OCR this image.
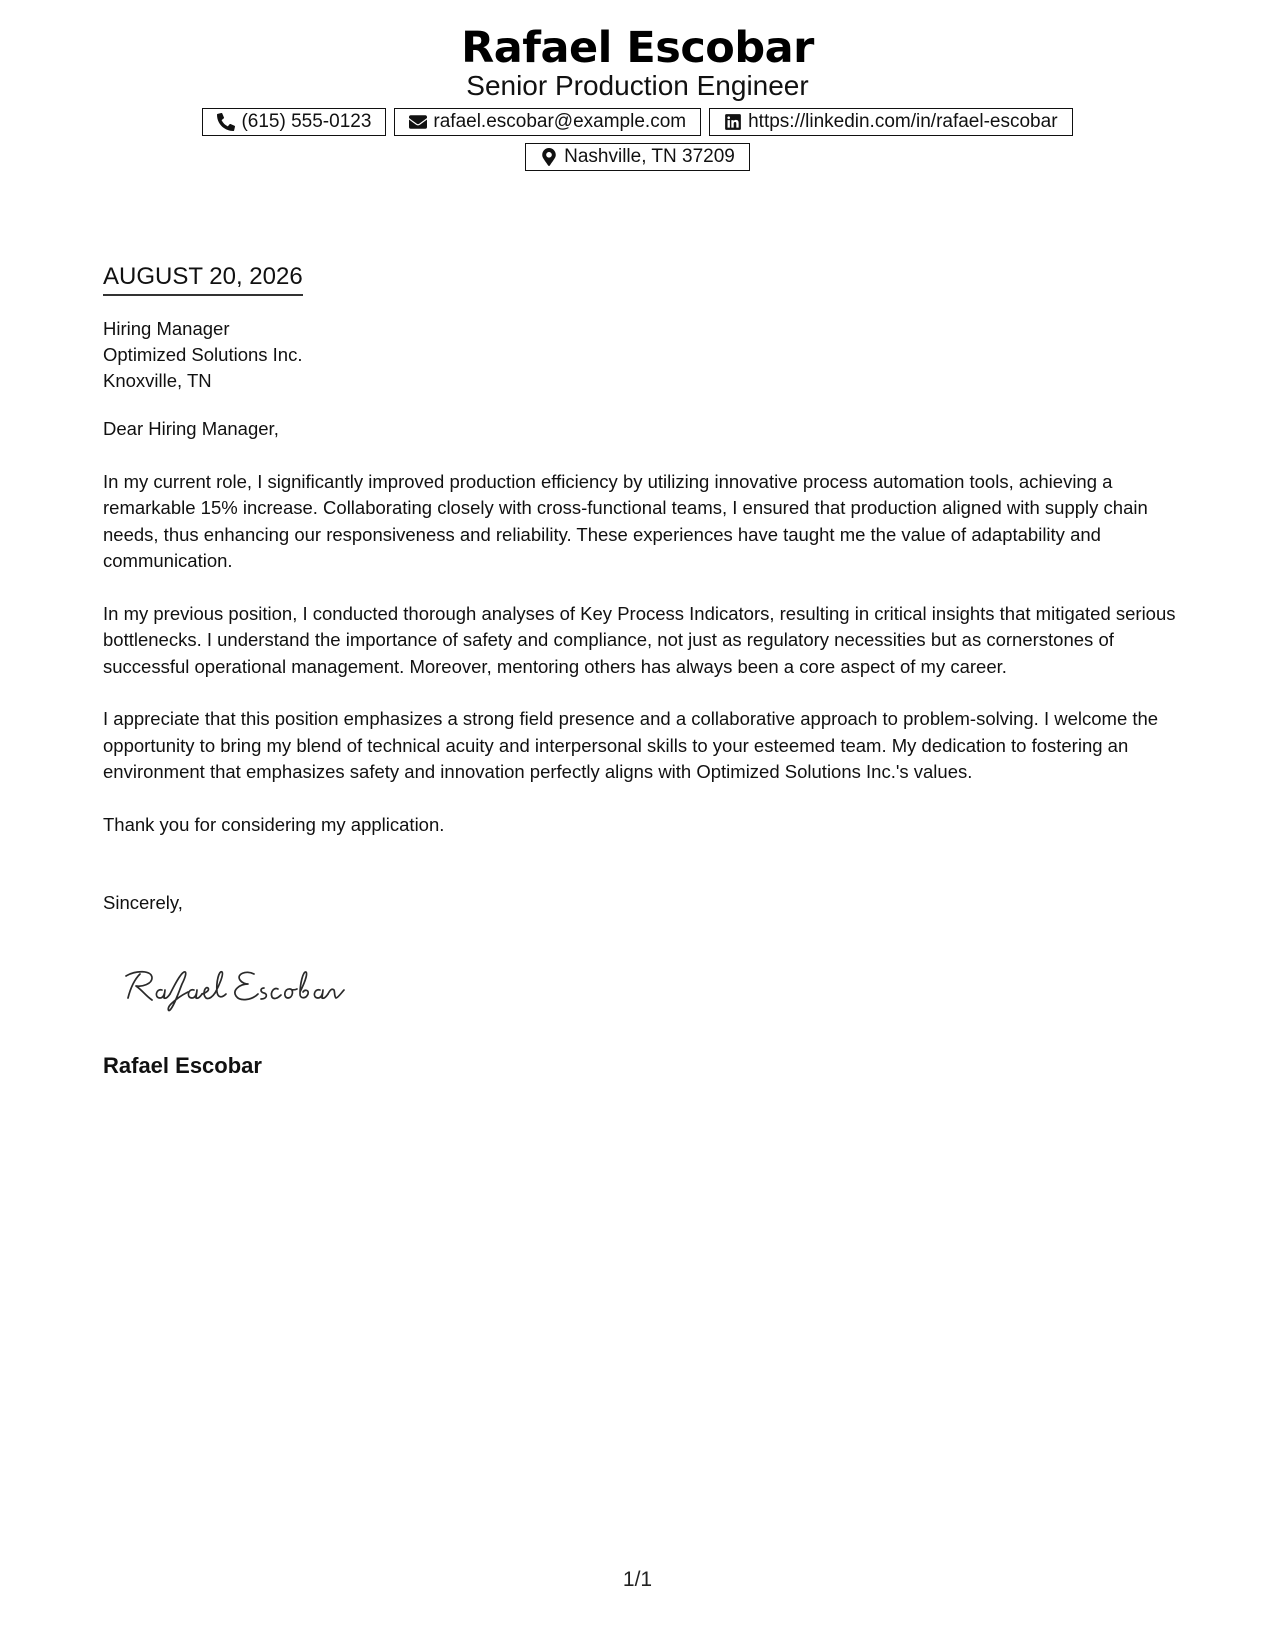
Rafael Escobar
Senior Production Engineer
(615) 555-0123	rafael.escobar@example.com	https://linkedin.com/in/rafael-escobar
Nashville, TN 37209
AUGUST 20, 2026
Hiring Manager
Optimized Solutions Inc.
Knoxville, TN
Dear Hiring Manager,
In my current role, I significantly improved production efficiency by utilizing innovative process automation tools, achieving a remarkable 15% increase. Collaborating closely with cross-functional teams, I ensured that production aligned with supply chain needs, thus enhancing our responsiveness and reliability. These experiences have taught me the value of adaptability and communication.
In my previous position, I conducted thorough analyses of Key Process Indicators, resulting in critical insights that mitigated serious bottlenecks. I understand the importance of safety and compliance, not just as regulatory necessities but as cornerstones of successful operational management. Moreover, mentoring others has always been a core aspect of my career.
I appreciate that this position emphasizes a strong field presence and a collaborative approach to problem-solving. I welcome the opportunity to bring my blend of technical acuity and interpersonal skills to your esteemed team. My dedication to fostering an environment that emphasizes safety and innovation perfectly aligns with Optimized Solutions Inc.'s values.
Thank you for considering my application.
Sincerely,
Rafael Escobar
1/1
